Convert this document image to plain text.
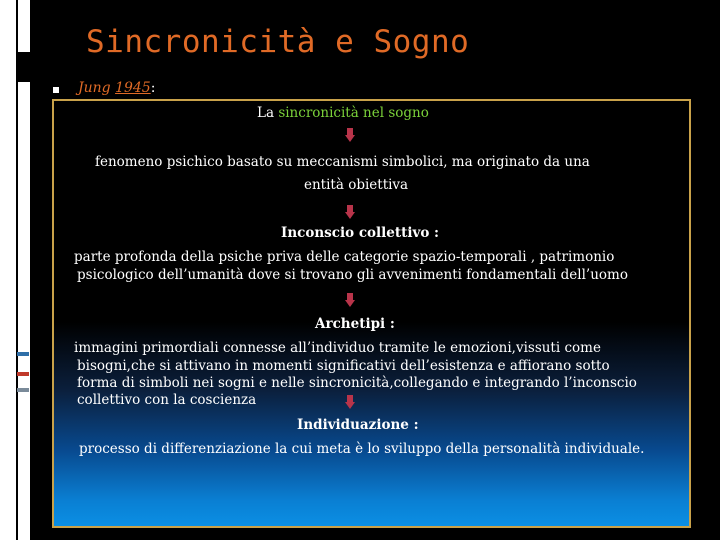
Sincronicità e Sogno
Jung 1945:
La sincronicità nel sogno
fenomeno psichico basato su meccanismi simbolici, ma originato da una
entità obiettiva
Inconscio collettivo :
parte profonda della psiche priva delle categorie spazio-temporali , patrimonio
psicologico dell’umanità dove si trovano gli avvenimenti fondamentali dell’uomo
Archetipi :
immagini primordiali connesse all’individuo tramite le emozioni,vissuti come
bisogni,che si attivano in momenti significativi dell’esistenza e affiorano sotto
forma di simboli nei sogni e nelle sincronicità,collegando e integrando l’inconscio
collettivo con la coscienza
Individuazione :
processo di differenziazione la cui meta è lo sviluppo della personalità individuale.
